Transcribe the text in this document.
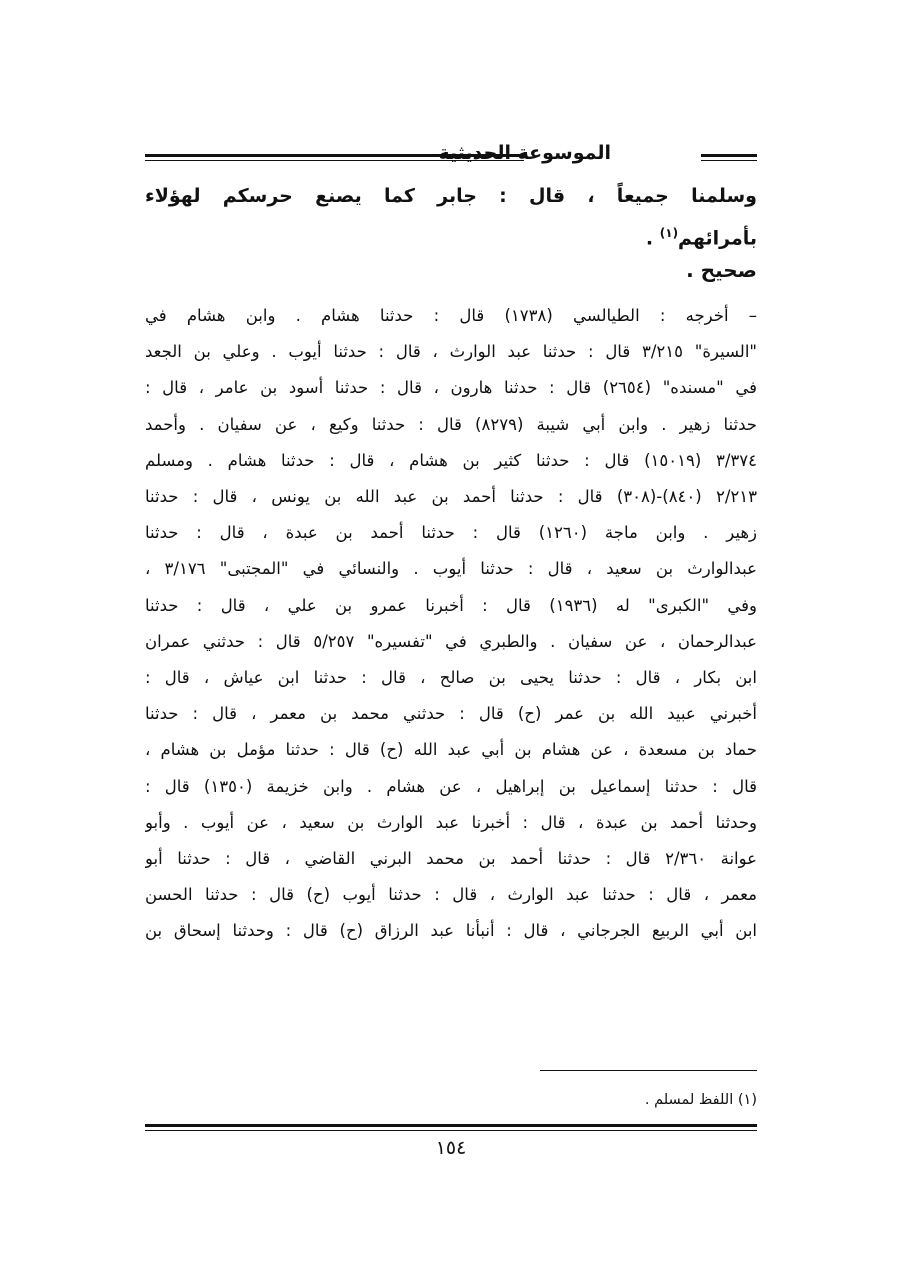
الموسوعة الحديثية
وسلمنا جميعاً ، قال : جابر كما يصنع حرسكم لهؤلاء
بأمرائهم$^{(١)}$ .
صحيح .
– أخرجه : الطيالسي (١٧٣٨) قال : حدثنا هشام . وابن هشام في
"السيرة" ٣/٢١٥ قال : حدثنا عبد الوارث ، قال : حدثنا أيوب . وعلي بن الجعد
في "مسنده" (٢٦٥٤) قال : حدثنا هارون ، قال : حدثنا أسود بن عامر ، قال :
حدثنا زهير . وابن أبي شيبة (٨٢٧٩) قال : حدثنا وكيع ، عن سفيان . وأحمد
٣/٣٧٤ (١٥٠١٩) قال : حدثنا كثير بن هشام ، قال : حدثنا هشام . ومسلم
٢/٢١٣ (٨٤٠)-(٣٠٨) قال : حدثنا أحمد بن عبد الله بن يونس ، قال : حدثنا
زهير . وابن ماجة (١٢٦٠) قال : حدثنا أحمد بن عبدة ، قال : حدثنا
عبدالوارث بن سعيد ، قال : حدثنا أيوب . والنسائي في "المجتبى" ٣/١٧٦ ،
وفي "الكبرى" له (١٩٣٦) قال : أخبرنا عمرو بن علي ، قال : حدثنا
عبدالرحمان ، عن سفيان . والطبري في "تفسيره" ٥/٢٥٧ قال : حدثني عمران
ابن بكار ، قال : حدثنا يحيى بن صالح ، قال : حدثنا ابن عياش ، قال :
أخبرني عبيد الله بن عمر (ح) قال : حدثني محمد بن معمر ، قال : حدثنا
حماد بن مسعدة ، عن هشام بن أبي عبد الله (ح) قال : حدثنا مؤمل بن هشام ،
قال : حدثنا إسماعيل بن إبراهيل ، عن هشام . وابن خزيمة (١٣٥٠) قال :
وحدثنا أحمد بن عبدة ، قال : أخبرنا عبد الوارث بن سعيد ، عن أيوب . وأبو
عوانة ٢/٣٦٠ قال : حدثنا أحمد بن محمد البرني القاضي ، قال : حدثنا أبو
معمر ، قال : حدثنا عبد الوارث ، قال : حدثنا أيوب (ح) قال : حدثنا الحسن
ابن أبي الربيع الجرجاني ، قال : أنبأنا عبد الرزاق (ح) قال : وحدثنا إسحاق بن
(١) اللفظ لمسلم .
١٥٤
